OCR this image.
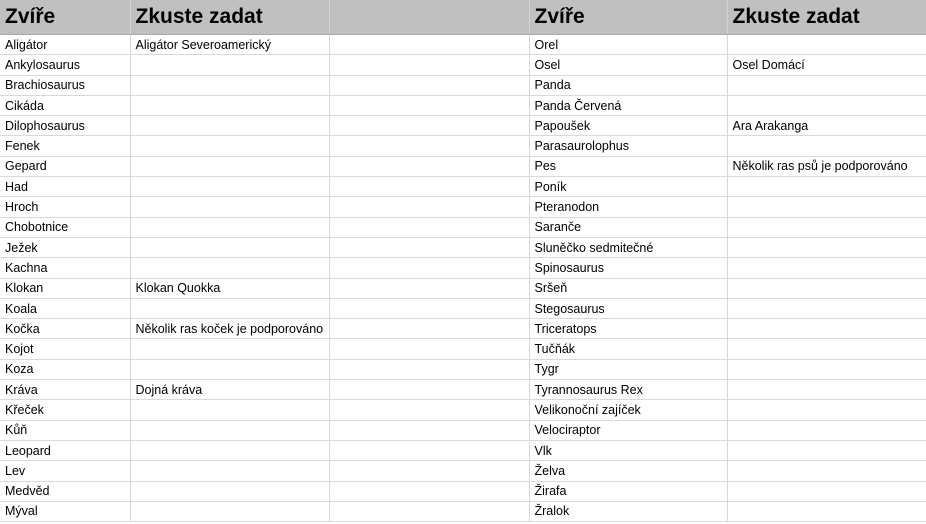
Zvíře	Zkuste zadat		Zvíře	Zkuste zadat
Aligátor	Aligátor Severoamerický		Orel	
Ankylosaurus			Osel	Osel Domácí
Brachiosaurus			Panda	
Cikáda			Panda Červená	
Dilophosaurus			Papoušek	Ara Arakanga
Fenek			Parasaurolophus	
Gepard			Pes	Několik ras psů je podporováno
Had			Poník	
Hroch			Pteranodon	
Chobotnice			Saranče	
Ježek			Sluněčko sedmitečné	
Kachna			Spinosaurus	
Klokan	Klokan Quokka		Sršeň	
Koala			Stegosaurus	
Kočka	Několik ras koček je podporováno		Triceratops	
Kojot			Tučňák	
Koza			Tygr	
Kráva	Dojná kráva		Tyrannosaurus Rex	
Křeček			Velikonoční zajíček	
Kůň			Velociraptor	
Leopard			Vlk	
Lev			Želva	
Medvěd			Žirafa	
Mýval			Žralok	
